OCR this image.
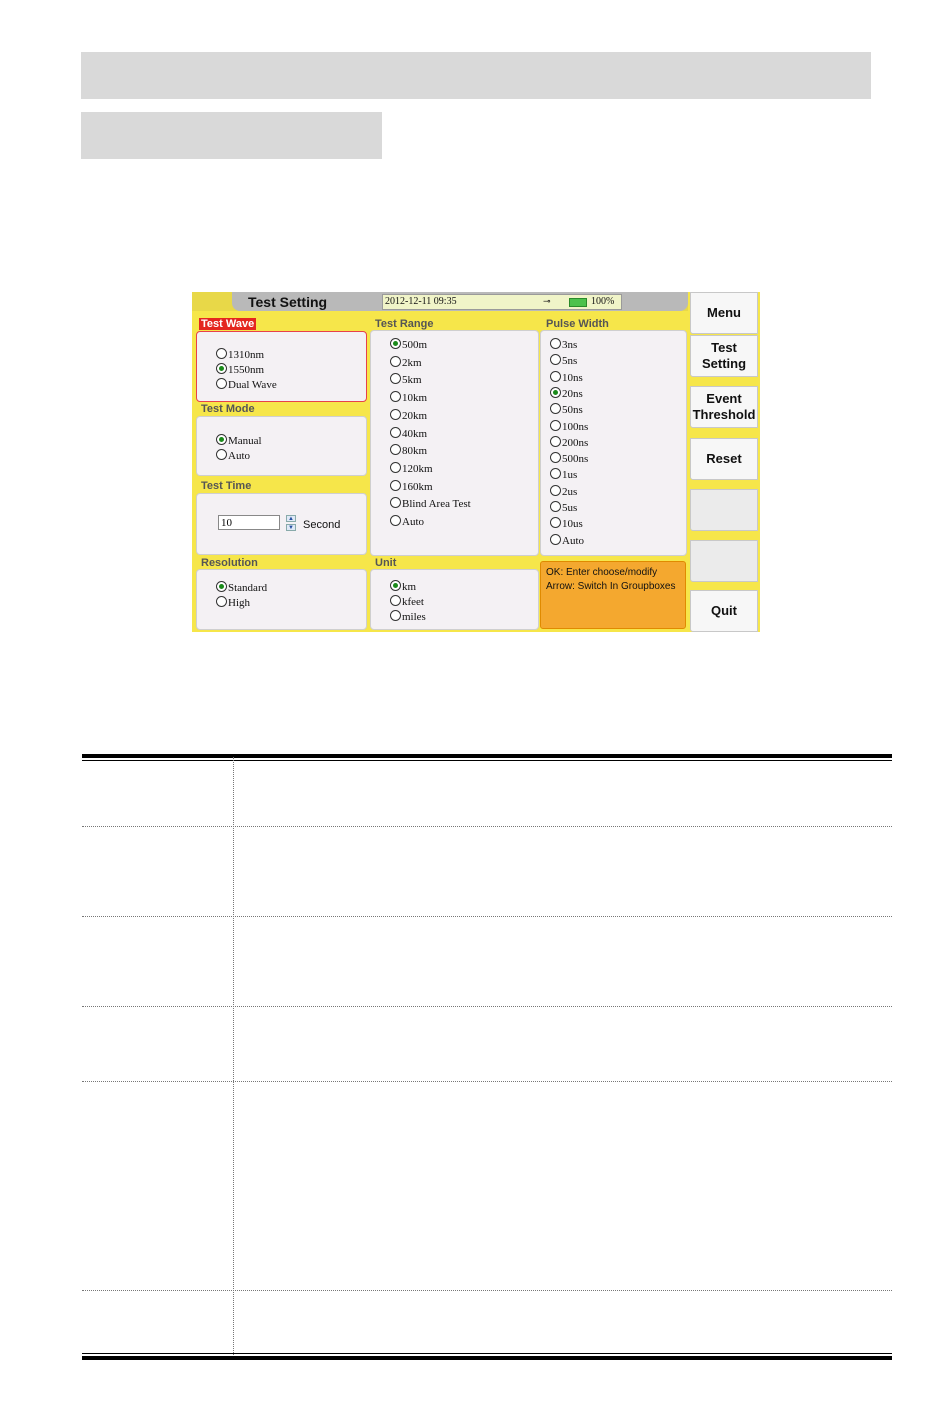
Test Setting	2012-12-11 09:35	⊸	100%
Test Wave
1310nm
1550nm
Dual Wave
Test Mode
Manual
Auto
Test Time
10	▲
▼ Second
Resolution
Standard
High
Test Range
500m
2km
5km
10km
20km
40km
80km
120km
160km
Blind Area Test
Auto
Unit
km
kfeet
miles
Pulse Width
3ns
5ns
10ns
20ns
50ns
100ns
200ns
500ns
1us
2us
5us
10us
Auto
OK: Enter choose/modify
Arrow: Switch In Groupboxes
Menu
Test
Setting
Event
Threshold
Reset
Quit
